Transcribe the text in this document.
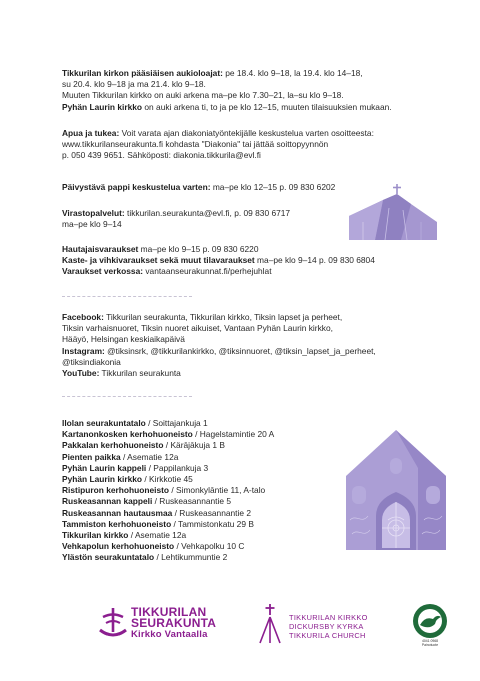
Tikkurilan kirkon pääsiäisen aukioloajat: pe 18.4. klo 9–18, la 19.4. klo 14–18,

su 20.4. klo 9–18 ja ma 21.4. klo 9–18.

Muuten Tikkurilan kirkko on auki arkena ma–pe klo 7.30–21, la–su klo 9–18.

Pyhän Laurin kirkko on auki arkena ti, to ja pe klo 12–15, muuten tilaisuuksien mukaan.

Apua ja tukea: Voit varata ajan diakoniatyöntekijälle keskustelua varten osoitteesta:

www.tikkurilanseurakunta.fi kohdasta "Diakonia" tai jättää soittopyynnön

p. 050 439 9651. Sähköposti: diakonia.tikkurila@evl.fi

Päivystävä pappi keskustelua varten: ma–pe klo 12–15 p. 09 830 6202

Virastopalvelut: tikkurilan.seurakunta@evl.fi, p. 09 830 6717

ma–pe klo 9–14

Hautajaisvaraukset ma–pe klo 9–15 p. 09 830 6220

Kaste- ja vihkivaraukset sekä muut tilavaraukset ma–pe klo 9–14 p. 09 830 6804

Varaukset verkossa: vantaanseurakunnat.fi/perhejuhlat

Facebook: Tikkurilan seurakunta, Tikkurilan kirkko, Tiksin lapset ja perheet,

Tiksin varhaisnuoret, Tiksin nuoret aikuiset, Vantaan Pyhän Laurin kirkko,

Hääyö, Helsingan keskiaikapäivä

Instagram: @tiksinsrk, @tikkurilankirkko, @tiksinnuoret, @tiksin_lapset_ja_perheet,

@tiksindiakonia

YouTube: Tikkurilan seurakunta

Ilolan seurakuntatalo / Soittajankuja 1
Kartanonkosken kerhohuoneisto / Hagelstamintie 20 A
Pakkalan kerhohuoneisto / Kärājākuja 1 B
Pienten paikka / Asematie 12a
Pyhän Laurin kappeli / Pappilankuja 3
Pyhän Laurin kirkko / Kirkkotie 45
Ristipuron kerhohuoneisto / Simonkylāntie 11, A-talo
Ruskeasannan kappeli / Ruskeasannantie 5
Ruskeasannan hautausmaa / Ruskeasannantie 2
Tammiston kerhohuoneisto / Tammistonkatu 29 B
Tikkurilan kirkko / Asematie 12a
Vehkapolun kerhohuoneisto / Vehkapolku 10 C
Ylästön seurakuntatalo / Lehtikummuntie 2
TIKKURILAN
SEURAKUNTA
Kirkko Vantaalla
TIKKURILAN KIRKKO
DICKURSBY KYRKA
TIKKURILA CHURCH
4041 0968
Painotuote
